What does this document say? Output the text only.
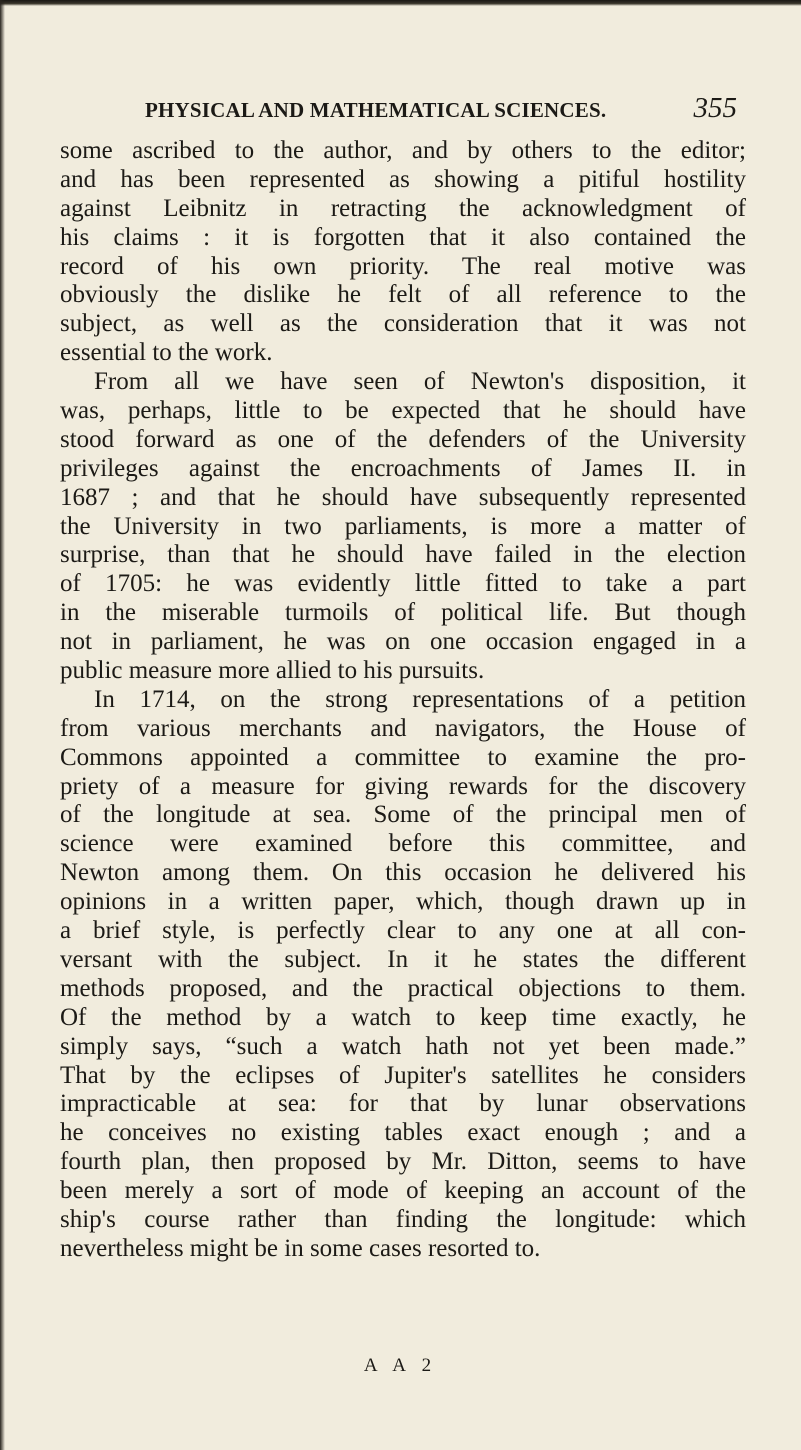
PHYSICAL AND MATHEMATICAL SCIENCES.	355
some ascribed to the author, and by others to the editor;
and has been represented as showing a pitiful hostility
against Leibnitz in retracting the acknowledgment of
his claims : it is forgotten that it also contained the
record of his own priority. The real motive was
obviously the dislike he felt of all reference to the
subject, as well as the consideration that it was not
essential to the work.
From all we have seen of Newton's disposition, it
was, perhaps, little to be expected that he should have
stood forward as one of the defenders of the University
privileges against the encroachments of James II. in
1687 ; and that he should have subsequently represented
the University in two parliaments, is more a matter of
surprise, than that he should have failed in the election
of 1705: he was evidently little fitted to take a part
in the miserable turmoils of political life. But though
not in parliament, he was on one occasion engaged in a
public measure more allied to his pursuits.
In 1714, on the strong representations of a petition
from various merchants and navigators, the House of
Commons appointed a committee to examine the pro-
priety of a measure for giving rewards for the discovery
of the longitude at sea. Some of the principal men of
science were examined before this committee, and
Newton among them. On this occasion he delivered his
opinions in a written paper, which, though drawn up in
a brief style, is perfectly clear to any one at all con-
versant with the subject. In it he states the different
methods proposed, and the practical objections to them.
Of the method by a watch to keep time exactly, he
simply says, “such a watch hath not yet been made.”
That by the eclipses of Jupiter's satellites he considers
impracticable at sea: for that by lunar observations
he conceives no existing tables exact enough ; and a
fourth plan, then proposed by Mr. Ditton, seems to have
been merely a sort of mode of keeping an account of the
ship's course rather than finding the longitude: which
nevertheless might be in some cases resorted to.
A A 2
